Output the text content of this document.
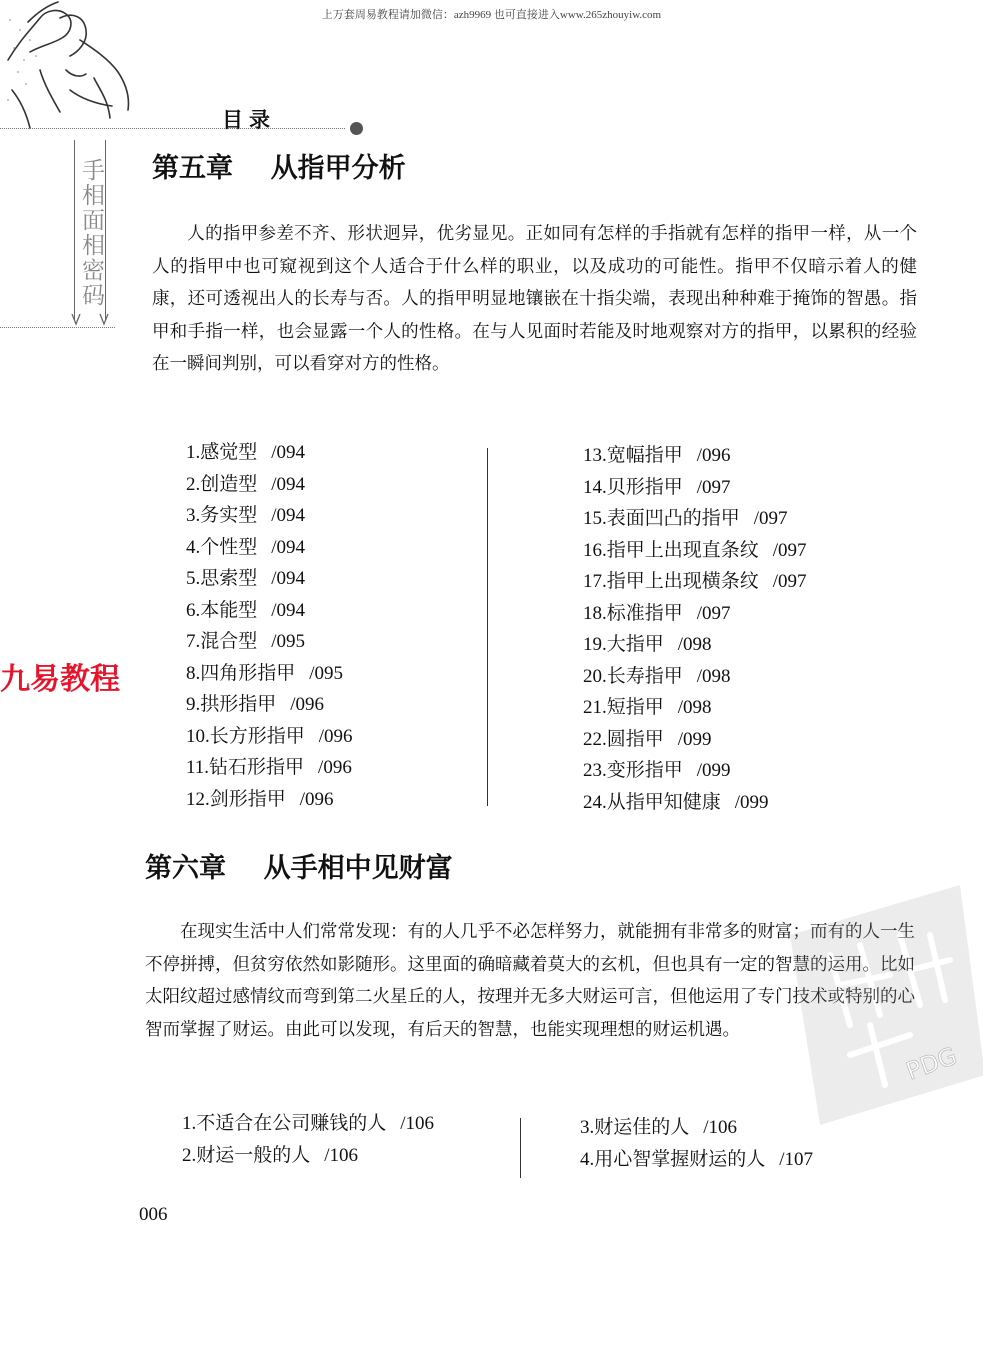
上万套周易教程请加微信：azh9969 也可直接进入www.265zhouyiw.com
目录
手相面相密码 第五章    从指甲分析
人的指甲参差不齐、形状迥异，优劣显见。正如同有怎样的手指就有怎样的指甲一样，从一个人的指甲中也可窥视到这个人适合于什么样的职业，以及成功的可能性。指甲不仅暗示着人的健康，还可透视出人的长寿与否。人的指甲明显地镶嵌在十指尖端，表现出种种难于掩饰的智愚。指甲和手指一样，也会显露一个人的性格。在与人见面时若能及时地观察对方的指甲，以累积的经验在一瞬间判别，可以看穿对方的性格。
1.感觉型 /094
2.创造型 /094
3.务实型 /094
4.个性型 /094
5.思索型 /094
6.本能型 /094
7.混合型 /095
8.四角形指甲 /095
9.拱形指甲 /096
10.长方形指甲 /096
11.钻石形指甲 /096
12.剑形指甲 /096
13.宽幅指甲 /096
14.贝形指甲 /097
15.表面凹凸的指甲 /097
16.指甲上出现直条纹 /097
17.指甲上出现横条纹 /097
18.标准指甲 /097
19.大指甲 /098
20.长寿指甲 /098
21.短指甲 /098
22.圆指甲 /099
23.变形指甲 /099
24.从指甲知健康 /099
九易教程
第六章    从手相中见财富
在现实生活中人们常常发现：有的人几乎不必怎样努力，就能拥有非常多的财富；而有的人一生不停拼搏，但贫穷依然如影随形。这里面的确暗藏着莫大的玄机，但也具有一定的智慧的运用。比如太阳纹超过感情纹而弯到第二火星丘的人，按理并无多大财运可言，但他运用了专门技术或特别的心智而掌握了财运。由此可以发现，有后天的智慧，也能实现理想的财运机遇。
1.不适合在公司赚钱的人 /106
2.财运一般的人 /106
3.财运佳的人 /106
4.用心智掌握财运的人 /107
PDG
006
